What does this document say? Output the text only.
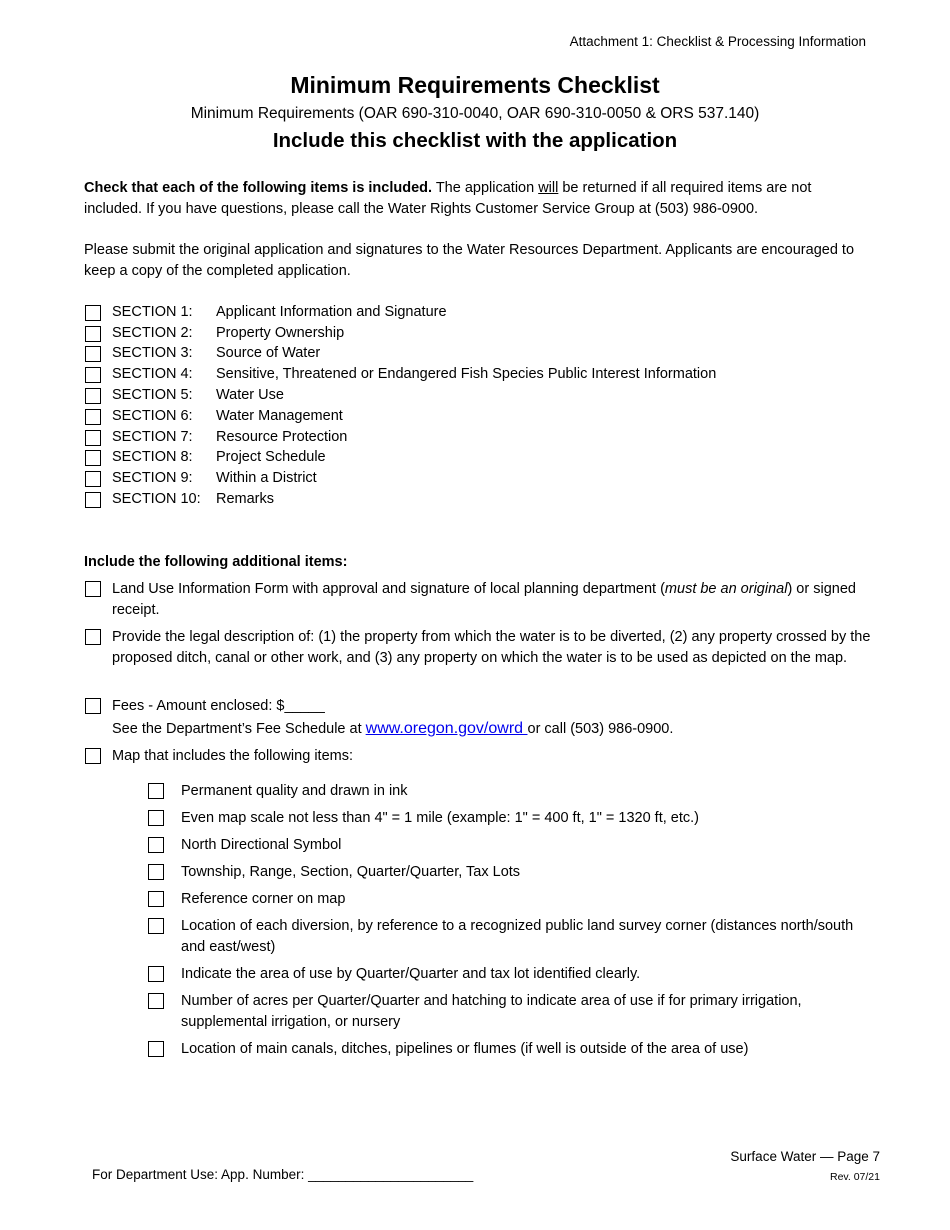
Attachment 1: Checklist & Processing Information
Minimum Requirements Checklist
Minimum Requirements (OAR 690-310-0040, OAR 690-310-0050 & ORS 537.140)
Include this checklist with the application
Check that each of the following items is included. The application will be returned if all required items are not included. If you have questions, please call the Water Rights Customer Service Group at (503) 986-0900.
Please submit the original application and signatures to the Water Resources Department. Applicants are encouraged to keep a copy of the completed application.
SECTION 1: Applicant Information and Signature
SECTION 2: Property Ownership
SECTION 3: Source of Water
SECTION 4: Sensitive, Threatened or Endangered Fish Species Public Interest Information
SECTION 5: Water Use
SECTION 6: Water Management
SECTION 7: Resource Protection
SECTION 8: Project Schedule
SECTION 9: Within a District
SECTION 10: Remarks
Include the following additional items:
Land Use Information Form with approval and signature of local planning department (must be an original) or signed receipt.
Provide the legal description of: (1) the property from which the water is to be diverted, (2) any property crossed by the proposed ditch, canal or other work, and (3) any property on which the water is to be used as depicted on the map.
Fees - Amount enclosed: $_____
See the Department’s Fee Schedule at www.oregon.gov/owrd or call (503) 986-0900.
Map that includes the following items:
Permanent quality and drawn in ink
Even map scale not less than 4" = 1 mile (example: 1" = 400 ft, 1" = 1320 ft, etc.)
North Directional Symbol
Township, Range, Section, Quarter/Quarter, Tax Lots
Reference corner on map
Location of each diversion, by reference to a recognized public land survey corner (distances north/south and east/west)
Indicate the area of use by Quarter/Quarter and tax lot identified clearly.
Number of acres per Quarter/Quarter and hatching to indicate area of use if for primary irrigation, supplemental irrigation, or nursery
Location of main canals, ditches, pipelines or flumes (if well is outside of the area of use)
Surface Water — Page 7
For Department Use: App. Number: ______________________	Rev. 07/21
